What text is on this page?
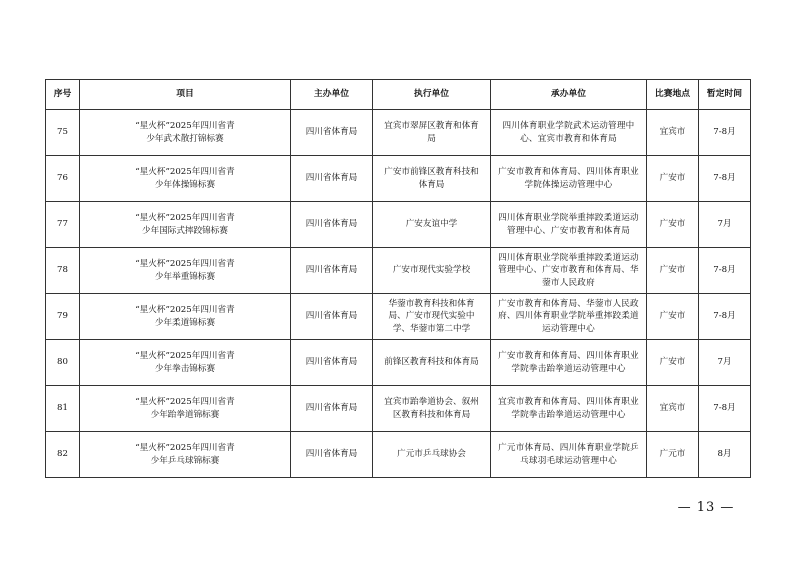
序号	项目	主办单位	执行单位	承办单位	比赛地点	暂定时间
75	“星火杯”2025年四川省青少年武术散打锦标赛	四川省体育局	宜宾市翠屏区教育和体育局	四川体育职业学院武术运动管理中心、宜宾市教育和体育局	宜宾市	7-8月
76	“星火杯”2025年四川省青少年体操锦标赛	四川省体育局	广安市前锋区教育科技和体育局	广安市教育和体育局、四川体育职业学院体操运动管理中心	广安市	7-8月
77	“星火杯”2025年四川省青少年国际式摔跤锦标赛	四川省体育局	广安友谊中学	四川体育职业学院举重摔跤柔道运动管理中心、广安市教育和体育局	广安市	7月
78	“星火杯”2025年四川省青少年举重锦标赛	四川省体育局	广安市现代实验学校	四川体育职业学院举重摔跤柔道运动管理中心、广安市教育和体育局、华蓥市人民政府	广安市	7-8月
79	“星火杯”2025年四川省青少年柔道锦标赛	四川省体育局	华蓥市教育科技和体育局、广安市现代实验中学、华蓥市第二中学	广安市教育和体育局、华蓥市人民政府、四川体育职业学院举重摔跤柔道运动管理中心	广安市	7-8月
80	“星火杯”2025年四川省青少年拳击锦标赛	四川省体育局	前锋区教育科技和体育局	广安市教育和体育局、四川体育职业学院拳击跆拳道运动管理中心	广安市	7月
81	“星火杯”2025年四川省青少年跆拳道锦标赛	四川省体育局	宜宾市跆拳道协会、叙州区教育科技和体育局	宜宾市教育和体育局、四川体育职业学院拳击跆拳道运动管理中心	宜宾市	7-8月
82	“星火杯”2025年四川省青少年乒乓球锦标赛	四川省体育局	广元市乒乓球协会	广元市体育局、四川体育职业学院乒乓球羽毛球运动管理中心	广元市	8月
— 13 —
